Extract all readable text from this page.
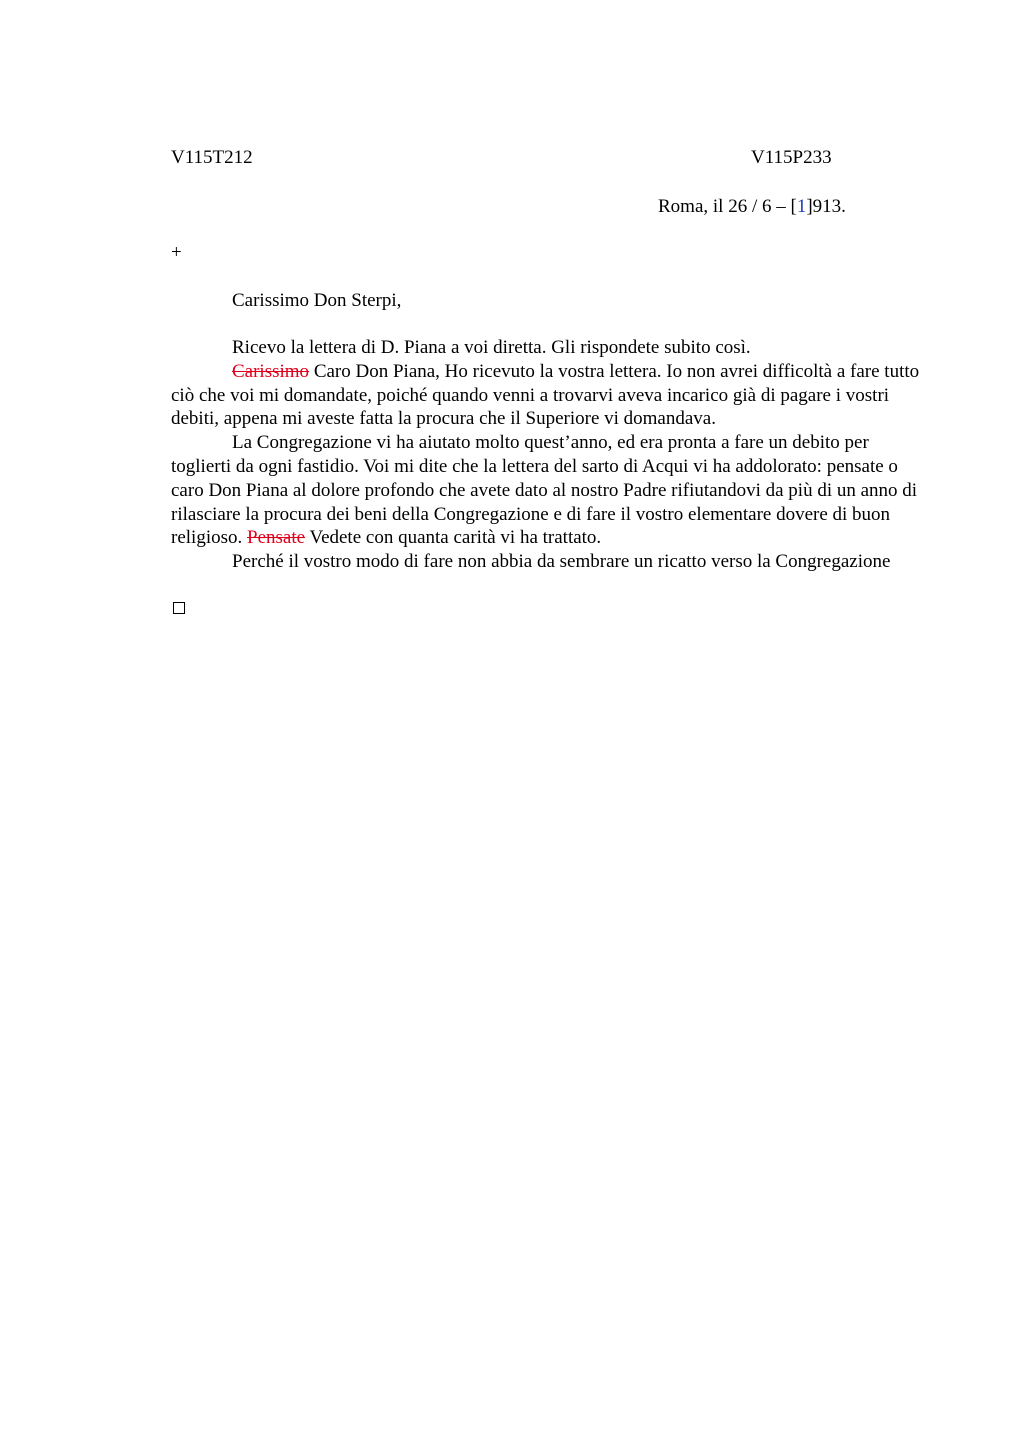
V115T212	V115P233
Roma, il 26 / 6 – [1]913.
+
Carissimo Don Sterpi,

Ricevo la lettera di D. Piana a voi diretta. Gli rispondete subito così.

Carissimo Caro Don Piana, Ho ricevuto la vostra lettera. Io non avrei difficoltà a fare tutto ciò che voi mi domandate, poiché quando venni a trovarvi aveva incarico già di pagare i vostri debiti, appena mi aveste fatta la procura che il Superiore vi domandava.

La Congregazione vi ha aiutato molto quest’anno, ed era pronta a fare un debito per toglierti da ogni fastidio. Voi mi dite che la lettera del sarto di Acqui vi ha addolorato: pensate o caro Don Piana al dolore profondo che avete dato al nostro Padre rifiutandovi da più di un anno di rilasciare la procura dei beni della Congregazione e di fare il vostro elementare dovere di buon religioso. Pensate Vedete con quanta carità vi ha trattato.

Perché il vostro modo di fare non abbia da sembrare un ricatto verso la Congregazione
